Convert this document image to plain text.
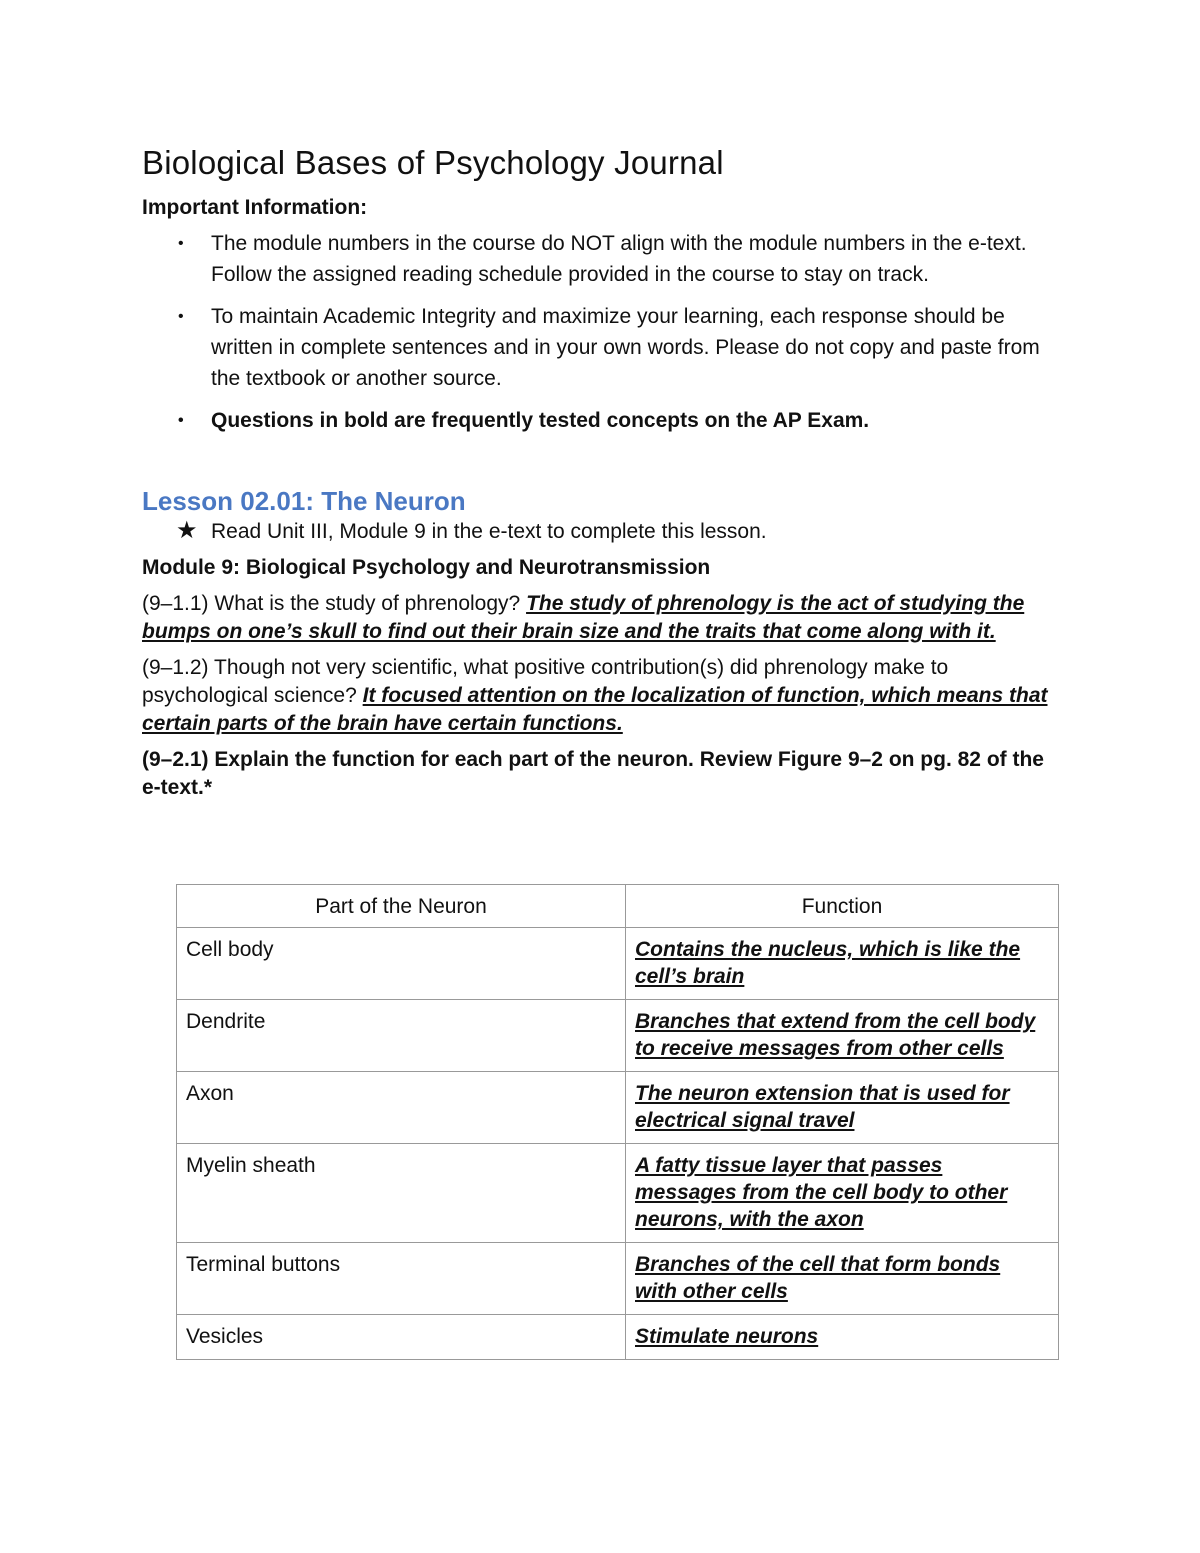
Biological Bases of Psychology Journal
Important Information:
• The module numbers in the course do NOT align with the module numbers in the e-text. Follow the assigned reading schedule provided in the course to stay on track.
• To maintain Academic Integrity and maximize your learning, each response should be written in complete sentences and in your own words. Please do not copy and paste from the textbook or another source.
• Questions in bold are frequently tested concepts on the AP Exam.
Lesson 02.01: The Neuron
★ Read Unit III, Module 9 in the e-text to complete this lesson.
Module 9: Biological Psychology and Neurotransmission
(9–1.1) What is the study of phrenology? The study of phrenology is the act of studying the bumps on one’s skull to find out their brain size and the traits that come along with it.
(9–1.2) Though not very scientific, what positive contribution(s) did phrenology make to psychological science? It focused attention on the localization of function, which means that certain parts of the brain have certain functions.
(9–2.1) Explain the function for each part of the neuron. Review Figure 9–2 on pg. 82 of the e-text.*
Part of the Neuron	Function
Cell body	Contains the nucleus, which is like the cell’s brain
Dendrite	Branches that extend from the cell body to receive messages from other cells
Axon	The neuron extension that is used for electrical signal travel
Myelin sheath	A fatty tissue layer that passes messages from the cell body to other neurons, with the axon
Terminal buttons	Branches of the cell that form bonds with other cells
Vesicles	Stimulate neurons
